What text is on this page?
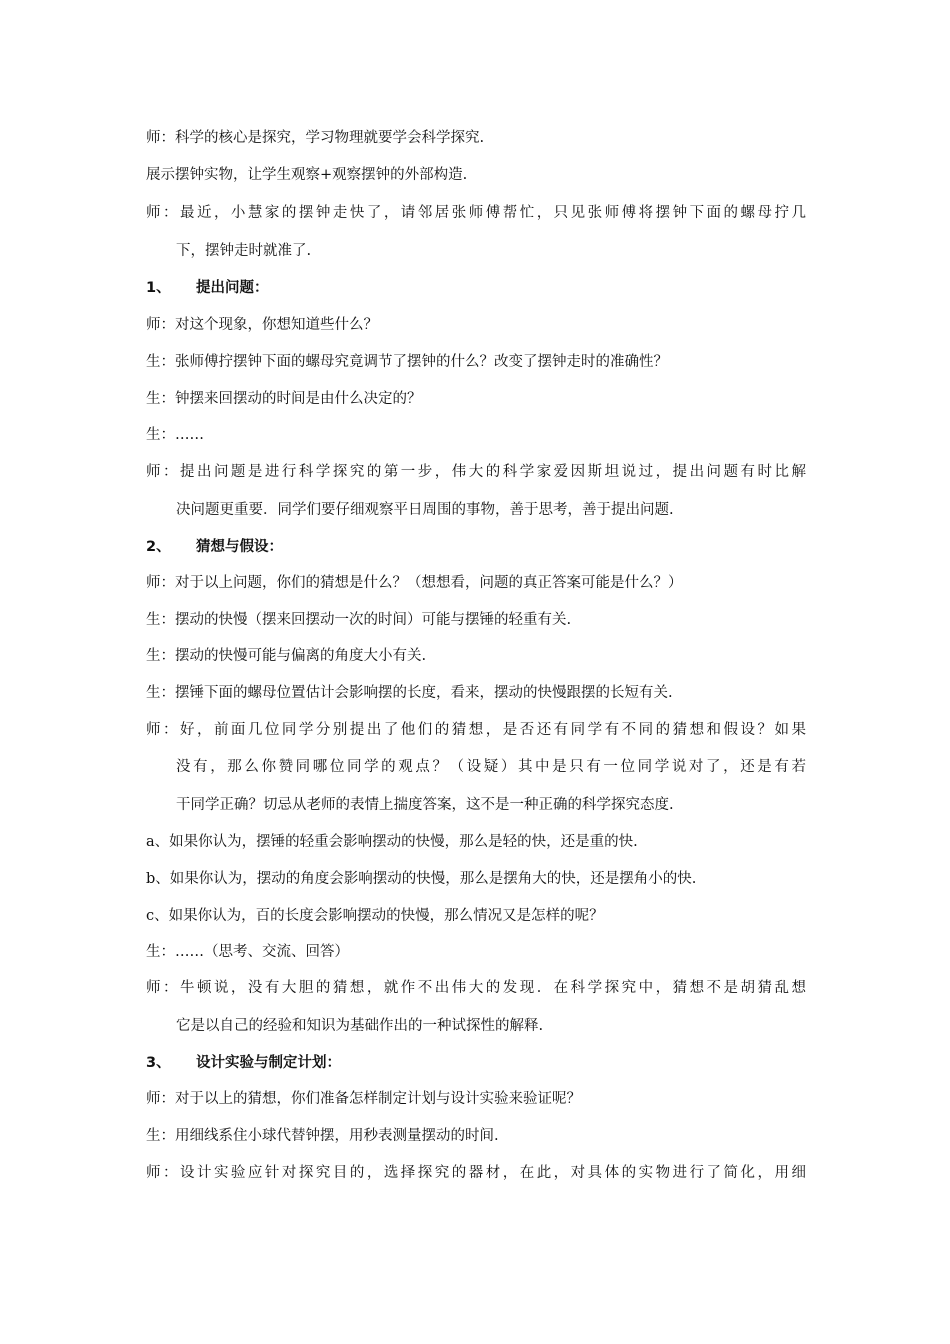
师：科学的核心是探究，学习物理就要学会科学探究.
展示摆钟实物，让学生观察+观察摆钟的外部构造.
师：最近，小慧家的摆钟走快了，请邻居张师傅帮忙，只见张师傅将摆钟下面的螺母拧几
下，摆钟走时就准了.
1、 提出问题：
师：对这个现象，你想知道些什么？
生：张师傅拧摆钟下面的螺母究竟调节了摆钟的什么？改变了摆钟走时的准确性？
生：钟摆来回摆动的时间是由什么决定的？
生：……
师：提出问题是进行科学探究的第一步，伟大的科学家爱因斯坦说过，提出问题有时比解
决问题更重要．同学们要仔细观察平日周围的事物，善于思考，善于提出问题.
2、 猜想与假设：
师：对于以上问题，你们的猜想是什么？（想想看，问题的真正答案可能是什么？）
生：摆动的快慢（摆来回摆动一次的时间）可能与摆锤的轻重有关.
生：摆动的快慢可能与偏离的角度大小有关.
生：摆锤下面的螺母位置估计会影响摆的长度，看来，摆动的快慢跟摆的长短有关.
师：好，前面几位同学分别提出了他们的猜想，是否还有同学有不同的猜想和假设？如果
没有，那么你赞同哪位同学的观点？（设疑）其中是只有一位同学说对了，还是有若
干同学正确？切忌从老师的表情上揣度答案，这不是一种正确的科学探究态度.
a、如果你认为，摆锤的轻重会影响摆动的快慢，那么是轻的快，还是重的快.
b、如果你认为，摆动的角度会影响摆动的快慢，那么是摆角大的快，还是摆角小的快.
c、如果你认为，百的长度会影响摆动的快慢，那么情况又是怎样的呢？
生：……（思考、交流、回答）
师：牛顿说，没有大胆的猜想，就作不出伟大的发现．在科学探究中，猜想不是胡猜乱想
它是以自己的经验和知识为基础作出的一种试探性的解释.
3、 设计实验与制定计划：
师：对于以上的猜想，你们准备怎样制定计划与设计实验来验证呢？
生：用细线系住小球代替钟摆，用秒表测量摆动的时间.
师：设计实验应针对探究目的，选择探究的器材，在此，对具体的实物进行了简化，用细
